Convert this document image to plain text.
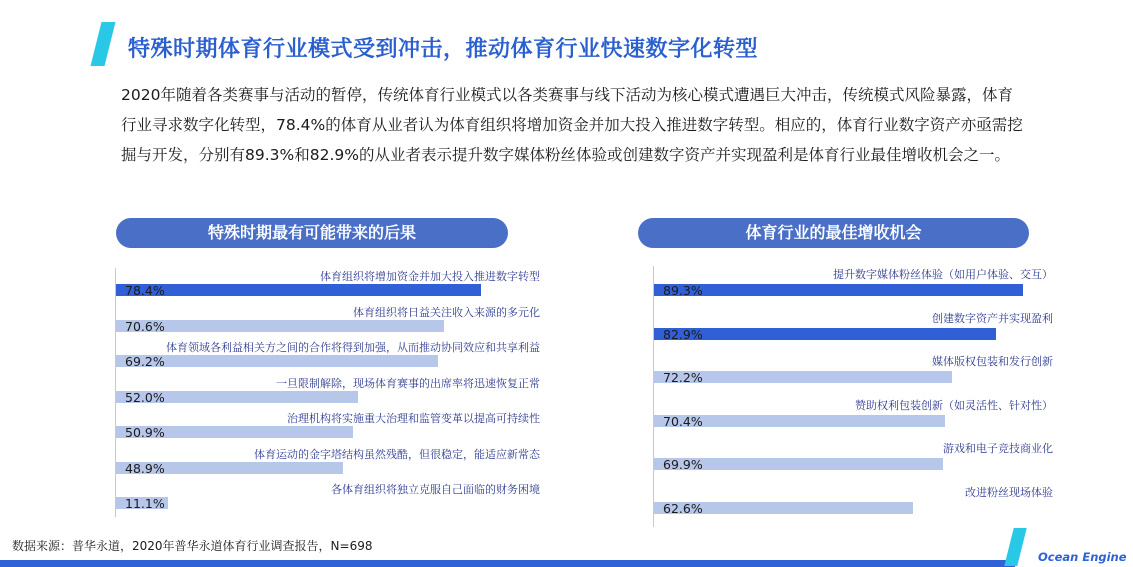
特殊时期体育行业模式受到冲击，推动体育行业快速数字化转型
2020年随着各类赛事与活动的暂停，传统体育行业模式以各类赛事与线下活动为核心模式遭遇巨大冲击，传统模式风险暴露，体育行业寻求数字化转型，78.4%的体育从业者认为体育组织将增加资金并加大投入推进数字转型。相应的，体育行业数字资产亦亟需挖掘与开发，分别有89.3%和82.9%的从业者表示提升数字媒体粉丝体验或创建数字资产并实现盈利是体育行业最佳增收机会之一。
特殊时期最有可能带来的后果	体育行业的最佳增收机会
体育组织将增加资金并加大投入推进数字转型
78.4%
体育组织将日益关注收入来源的多元化
70.6%
体育领域各利益相关方之间的合作将得到加强，从而推动协同效应和共享利益
69.2%
一旦限制解除，现场体育赛事的出席率将迅速恢复正常
52.0%
治理机构将实施重大治理和监管变革以提高可持续性
50.9%
体育运动的金字塔结构虽然残酷，但很稳定，能适应新常态
48.9%
各体育组织将独立克服自己面临的财务困境
11.1%
提升数字媒体粉丝体验（如用户体验、交互）
89.3%
创建数字资产并实现盈利
82.9%
媒体版权包装和发行创新
72.2%
赞助权利包装创新（如灵活性、针对性）
70.4%
游戏和电子竞技商业化
69.9%
改进粉丝现场体验
62.6%
数据来源：普华永道，2020年普华永道体育行业调查报告，N=698
Ocean Engine
